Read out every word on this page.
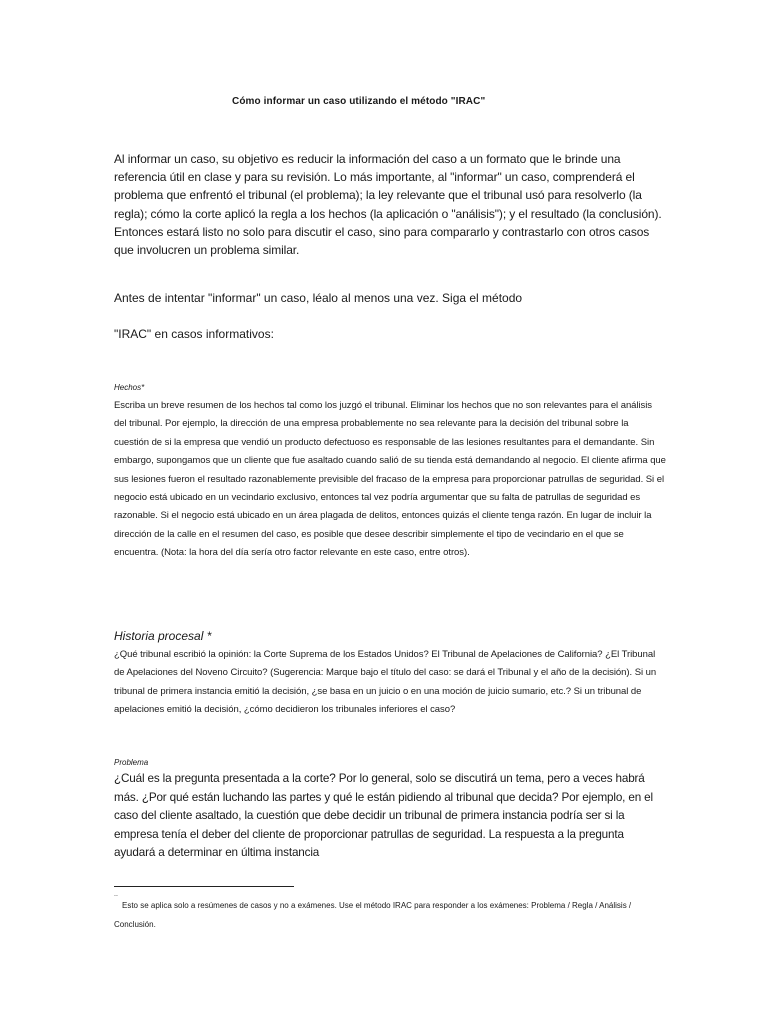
Cómo informar un caso utilizando el método "IRAC"
Al informar un caso, su objetivo es reducir la información del caso a un formato que le brinde una referencia útil en clase y para su revisión. Lo más importante, al "informar" un caso, comprenderá el problema que enfrentó el tribunal (el problema); la ley relevante que el tribunal usó para resolverlo (la regla); cómo la corte aplicó la regla a los hechos (la aplicación o "análisis"); y el resultado (la conclusión). Entonces estará listo no solo para discutir el caso, sino para compararlo y contrastarlo con otros casos que involucren un problema similar.
Antes de intentar "informar" un caso, léalo al menos una vez. Siga el método
"IRAC" en casos informativos:
Hechos*
Escriba un breve resumen de los hechos tal como los juzgó el tribunal. Eliminar los hechos que no son relevantes para el análisis del tribunal. Por ejemplo, la dirección de una empresa probablemente no sea relevante para la decisión del tribunal sobre la cuestión de si la empresa que vendió un producto defectuoso es responsable de las lesiones resultantes para el demandante. Sin embargo, supongamos que un cliente que fue asaltado cuando salió de su tienda está demandando al negocio. El cliente afirma que sus lesiones fueron el resultado razonablemente previsible del fracaso de la empresa para proporcionar patrullas de seguridad. Si el negocio está ubicado en un vecindario exclusivo, entonces tal vez podría argumentar que su falta de patrullas de seguridad es razonable. Si el negocio está ubicado en un área plagada de delitos, entonces quizás el cliente tenga razón. En lugar de incluir la dirección de la calle en el resumen del caso, es posible que desee describir simplemente el tipo de vecindario en el que se encuentra. (Nota: la hora del día sería otro factor relevante en este caso, entre otros).
Historia procesal *
¿Qué tribunal escribió la opinión: la Corte Suprema de los Estados Unidos? El Tribunal de Apelaciones de California? ¿El Tribunal de Apelaciones del Noveno Circuito? (Sugerencia: Marque bajo el título del caso: se dará el Tribunal y el año de la decisión). Si un tribunal de primera instancia emitió la decisión, ¿se basa en un juicio o en una moción de juicio sumario, etc.? Si un tribunal de apelaciones emitió la decisión, ¿cómo decidieron los tribunales inferiores el caso?
Problema
¿Cuál es la pregunta presentada a la corte? Por lo general, solo se discutirá un tema, pero a veces habrá más. ¿Por qué están luchando las partes y qué le están pidiendo al tribunal que decida? Por ejemplo, en el caso del cliente asaltado, la cuestión que debe decidir un tribunal de primera instancia podría ser si la empresa tenía el deber del cliente de proporcionar patrullas de seguridad. La respuesta a la pregunta ayudará a determinar en última instancia
..
Esto se aplica solo a resúmenes de casos y no a exámenes. Use el método IRAC para responder a los exámenes: Problema / Regla / Análisis / Conclusión.
